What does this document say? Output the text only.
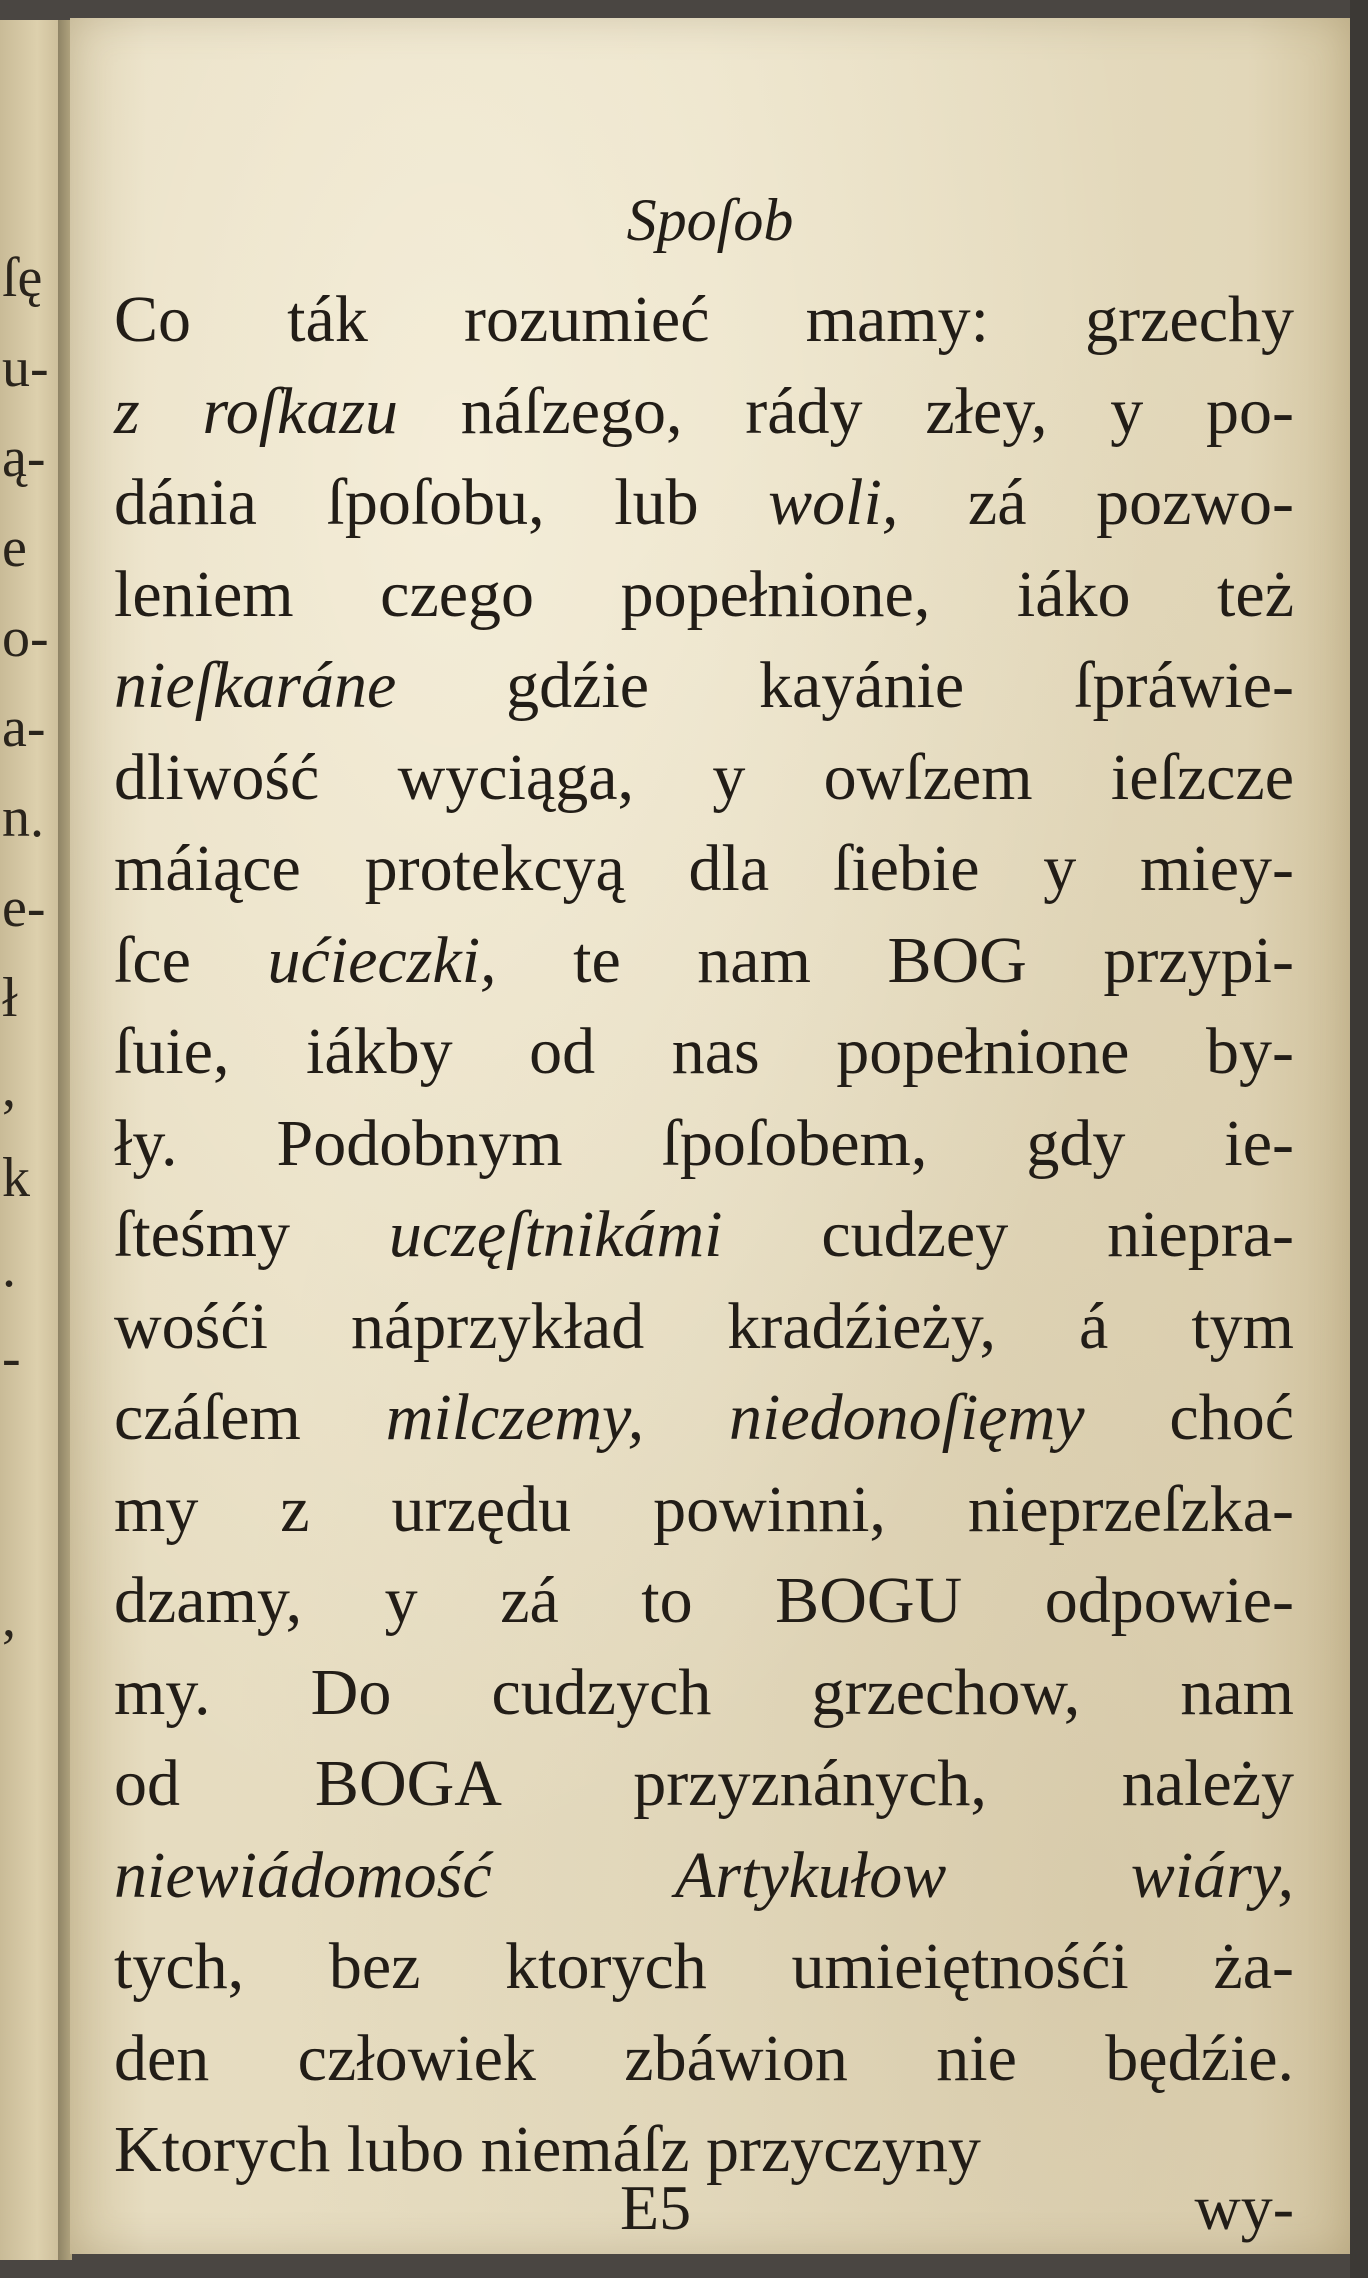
ſę
u-
ą-
e
o-
a-
n.
e-
ł
,
k
.
-
,
Spoſob
Co ták rozumieć mamy: grzechy
z roſkazu náſzego, rády złey, y po-
dánia ſpoſobu, lub woli, zá pozwo-
leniem czego popełnione, iáko też
nieſkaráne gdźie kayánie ſpráwie-
dliwość wyciąga, y owſzem ieſzcze
máiące protekcyą dla ſiebie y miey-
ſce ućieczki, te nam BOG przypi-
ſuie, iákby od nas popełnione by-
ły. Podobnym ſpoſobem, gdy ie-
ſteśmy uczęſtnikámi cudzey niepra-
wośći náprzykład kradźieży, á tym
czáſem milczemy, niedonoſięmy choć
my z urzędu powinni, nieprzeſzka-
dzamy, y zá to BOGU odpowie-
my. Do cudzych grzechow, nam
od BOGA przyznánych, należy
niewiádomość Artykułow wiáry,
tych, bez ktorych umieiętnośći ża-
den człowiek zbáwion nie będźie.
Ktorych lubo niemáſz przyczyny
E5	wy-
